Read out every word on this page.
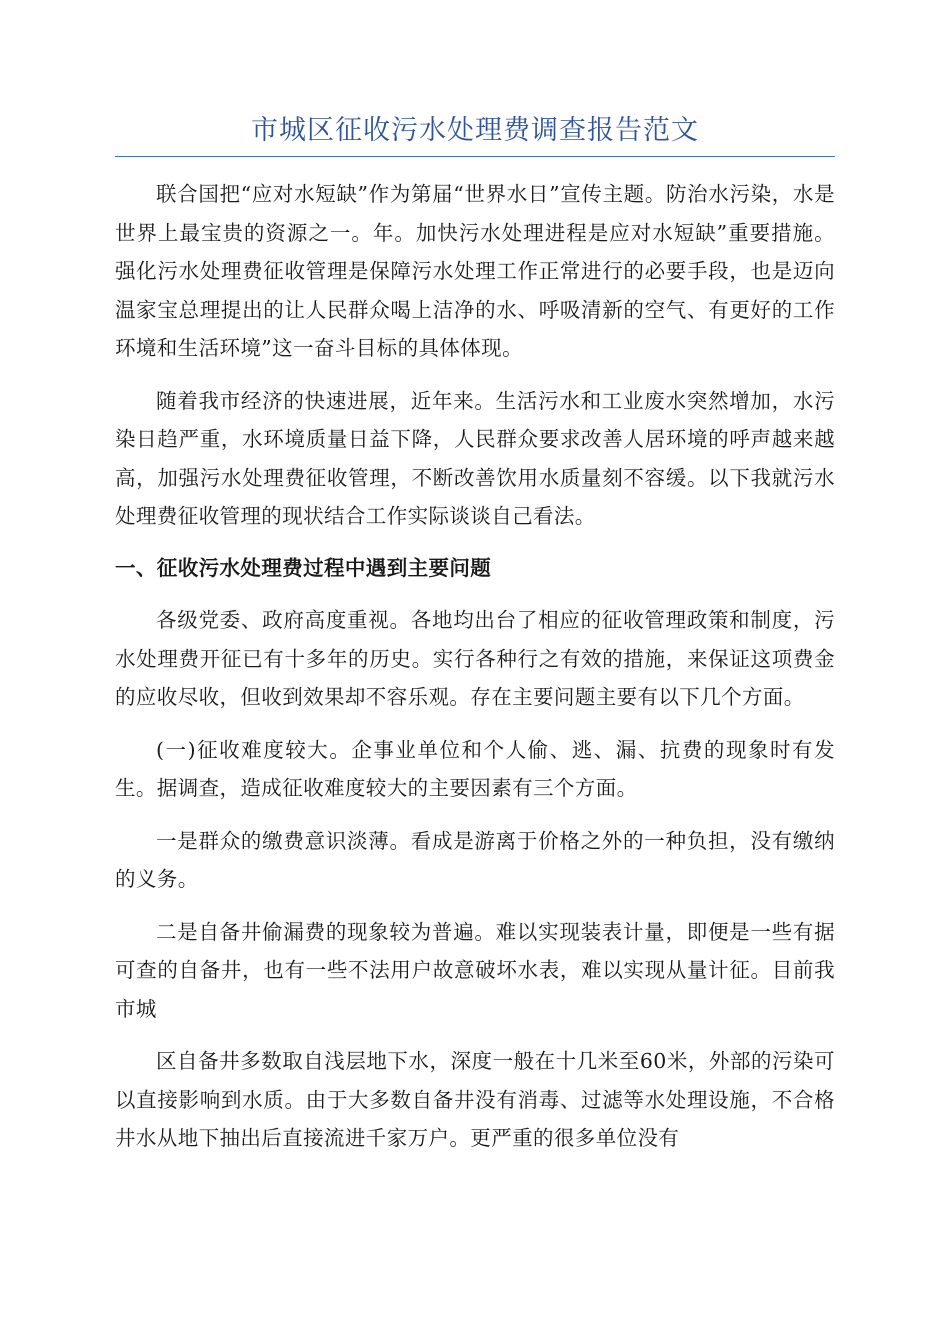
市城区征收污水处理费调查报告范文

联合国把“应对水短缺”作为第届“世界水日”宣传主题。防治水污染，水是世界上最宝贵的资源之一。年。加快污水处理进程是应对水短缺”重要措施。强化污水处理费征收管理是保障污水处理工作正常进行的必要手段，也是迈向温家宝总理提出的让人民群众喝上洁净的水、呼吸清新的空气、有更好的工作环境和生活环境”这一奋斗目标的具体体现。

随着我市经济的快速进展，近年来。生活污水和工业废水突然增加，水污染日趋严重，水环境质量日益下降，人民群众要求改善人居环境的呼声越来越高，加强污水处理费征收管理，不断改善饮用水质量刻不容缓。以下我就污水处理费征收管理的现状结合工作实际谈谈自己看法。

一、征收污水处理费过程中遇到主要问题

各级党委、政府高度重视。各地均出台了相应的征收管理政策和制度，污水处理费开征已有十多年的历史。实行各种行之有效的措施，来保证这项费金的应收尽收，但收到效果却不容乐观。存在主要问题主要有以下几个方面。

(一)征收难度较大。企事业单位和个人偷、逃、漏、抗费的现象时有发生。据调查，造成征收难度较大的主要因素有三个方面。

一是群众的缴费意识淡薄。看成是游离于价格之外的一种负担，没有缴纳的义务。

二是自备井偷漏费的现象较为普遍。难以实现装表计量，即便是一些有据可查的自备井，也有一些不法用户故意破坏水表，难以实现从量计征。目前我市城

区自备井多数取自浅层地下水，深度一般在十几米至60米，外部的污染可以直接影响到水质。由于大多数自备井没有消毒、过滤等水处理设施，不合格井水从地下抽出后直接流进千家万户。更严重的很多单位没有
